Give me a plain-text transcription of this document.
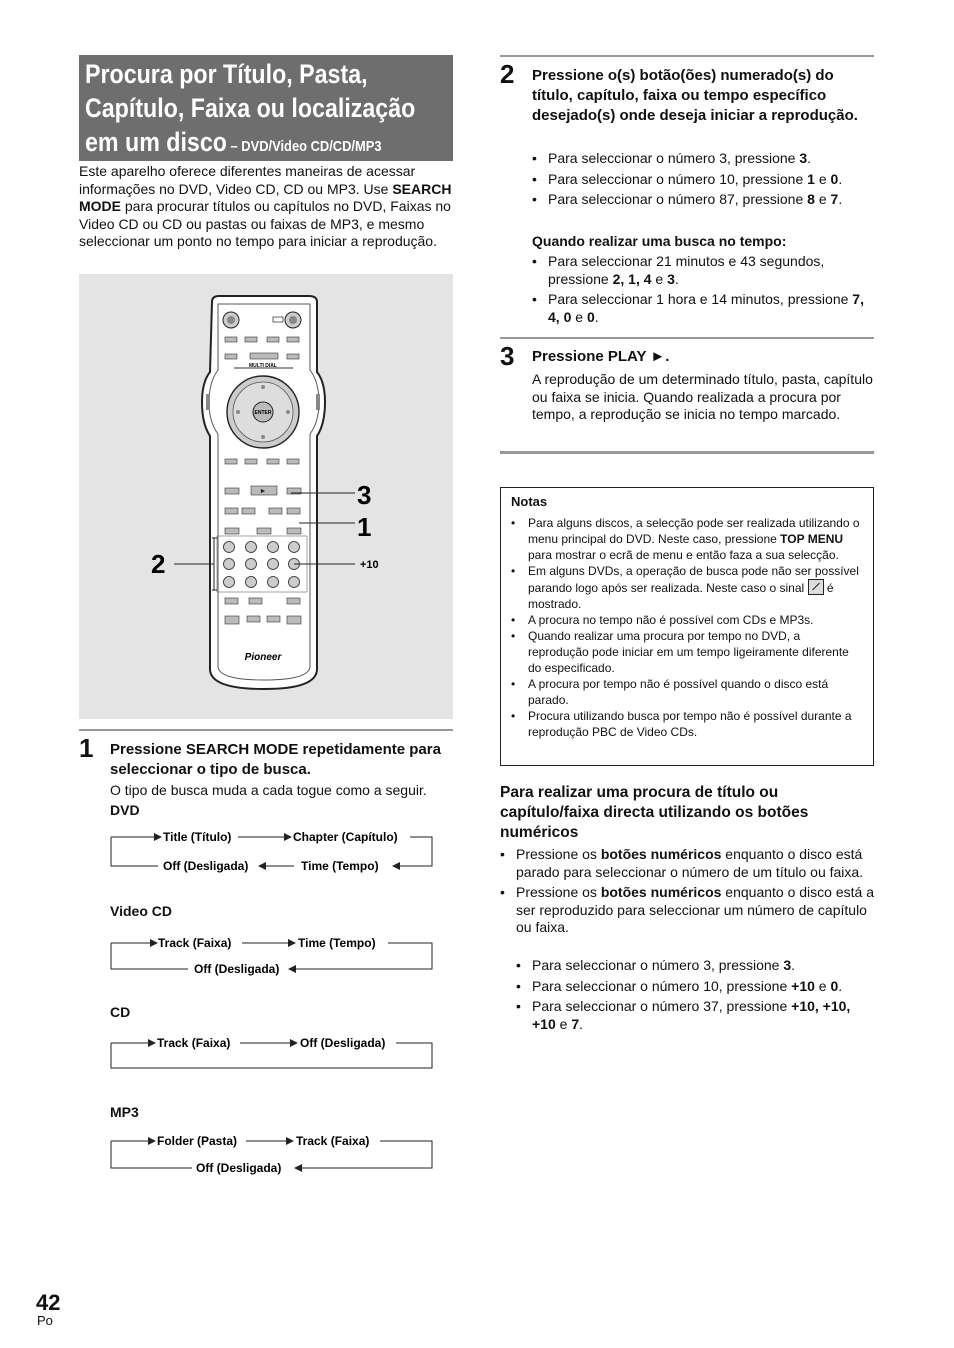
Procura por Título, Pasta,
Capítulo, Faixa ou localização
em um disco – DVD/Video CD/CD/MP3
Este aparelho oferece diferentes maneiras de acessar informações no DVD, Video CD, CD ou MP3. Use SEARCH MODE para procurar títulos ou capítulos no DVD, Faixas no Video CD ou CD ou pastas ou faixas de MP3, e mesmo seleccionar um ponto no tempo para iniciar a reprodução.
MULTI DIAL
ENTER
►
Pioneer
3
1
2	+10
1 Pressione SEARCH MODE repetidamente para seleccionar o tipo de busca.
O tipo de busca muda a cada togue como a seguir.
DVD
Title (Título)	Chapter (Capítulo)
Time (Tempo)
Off (Desligada)
Video CD
Track (Faixa)	Time (Tempo)
Off (Desligada)
CD
Track (Faixa)	Off (Desligada)
MP3
Folder (Pasta)	Track (Faixa)
Off (Desligada)
2 Pressione o(s) botão(ões) numerado(s) do título, capítulo, faixa ou tempo específico desejado(s) onde deseja iniciar a reprodução.
• Para seleccionar o número 3, pressione 3.
• Para seleccionar o número 10, pressione 1 e 0.
• Para seleccionar o número 87, pressione 8 e 7.
Quando realizar uma busca no tempo:
• Para seleccionar 21 minutos e 43 segundos, pressione 2, 1, 4 e 3.
• Para seleccionar 1 hora e 14 minutos, pressione 7, 4, 0 e 0.
3 Pressione PLAY ►.
A reprodução de um determinado título, pasta, capítulo ou faixa se inicia. Quando realizada a procura por tempo, a reprodução se inicia no tempo marcado.
Notas
• Para alguns discos, a selecção pode ser realizada utilizando o menu principal do DVD. Neste caso, pressione TOP MENU para mostrar o ecrã de menu e então faza a sua selecção.
• Em alguns DVDs, a operação de busca pode não ser possível parando logo após ser realizada. Neste caso o sinal
é mostrado.
• A procura no tempo não é possível com CDs e MP3s.
• Quando realizar uma procura por tempo no DVD, a reprodução pode iniciar em um tempo ligeiramente diferente do especificado.
• A procura por tempo não é possível quando o disco está parado.
• Procura utilizando busca por tempo não é possível durante a reprodução PBC de Video CDs.
Para realizar uma procura de título ou capítulo/faixa directa utilizando os botões numéricos
• Pressione os botões numéricos enquanto o disco está parado para seleccionar o número de um título ou faixa.
• Pressione os botões numéricos enquanto o disco está a ser reproduzido para seleccionar um número de capítulo ou faixa.
• Para seleccionar o número 3, pressione 3.
• Para seleccionar o número 10, pressione +10 e 0.
• Para seleccionar o número 37, pressione +10, +10, +10 e 7.
42
Po
